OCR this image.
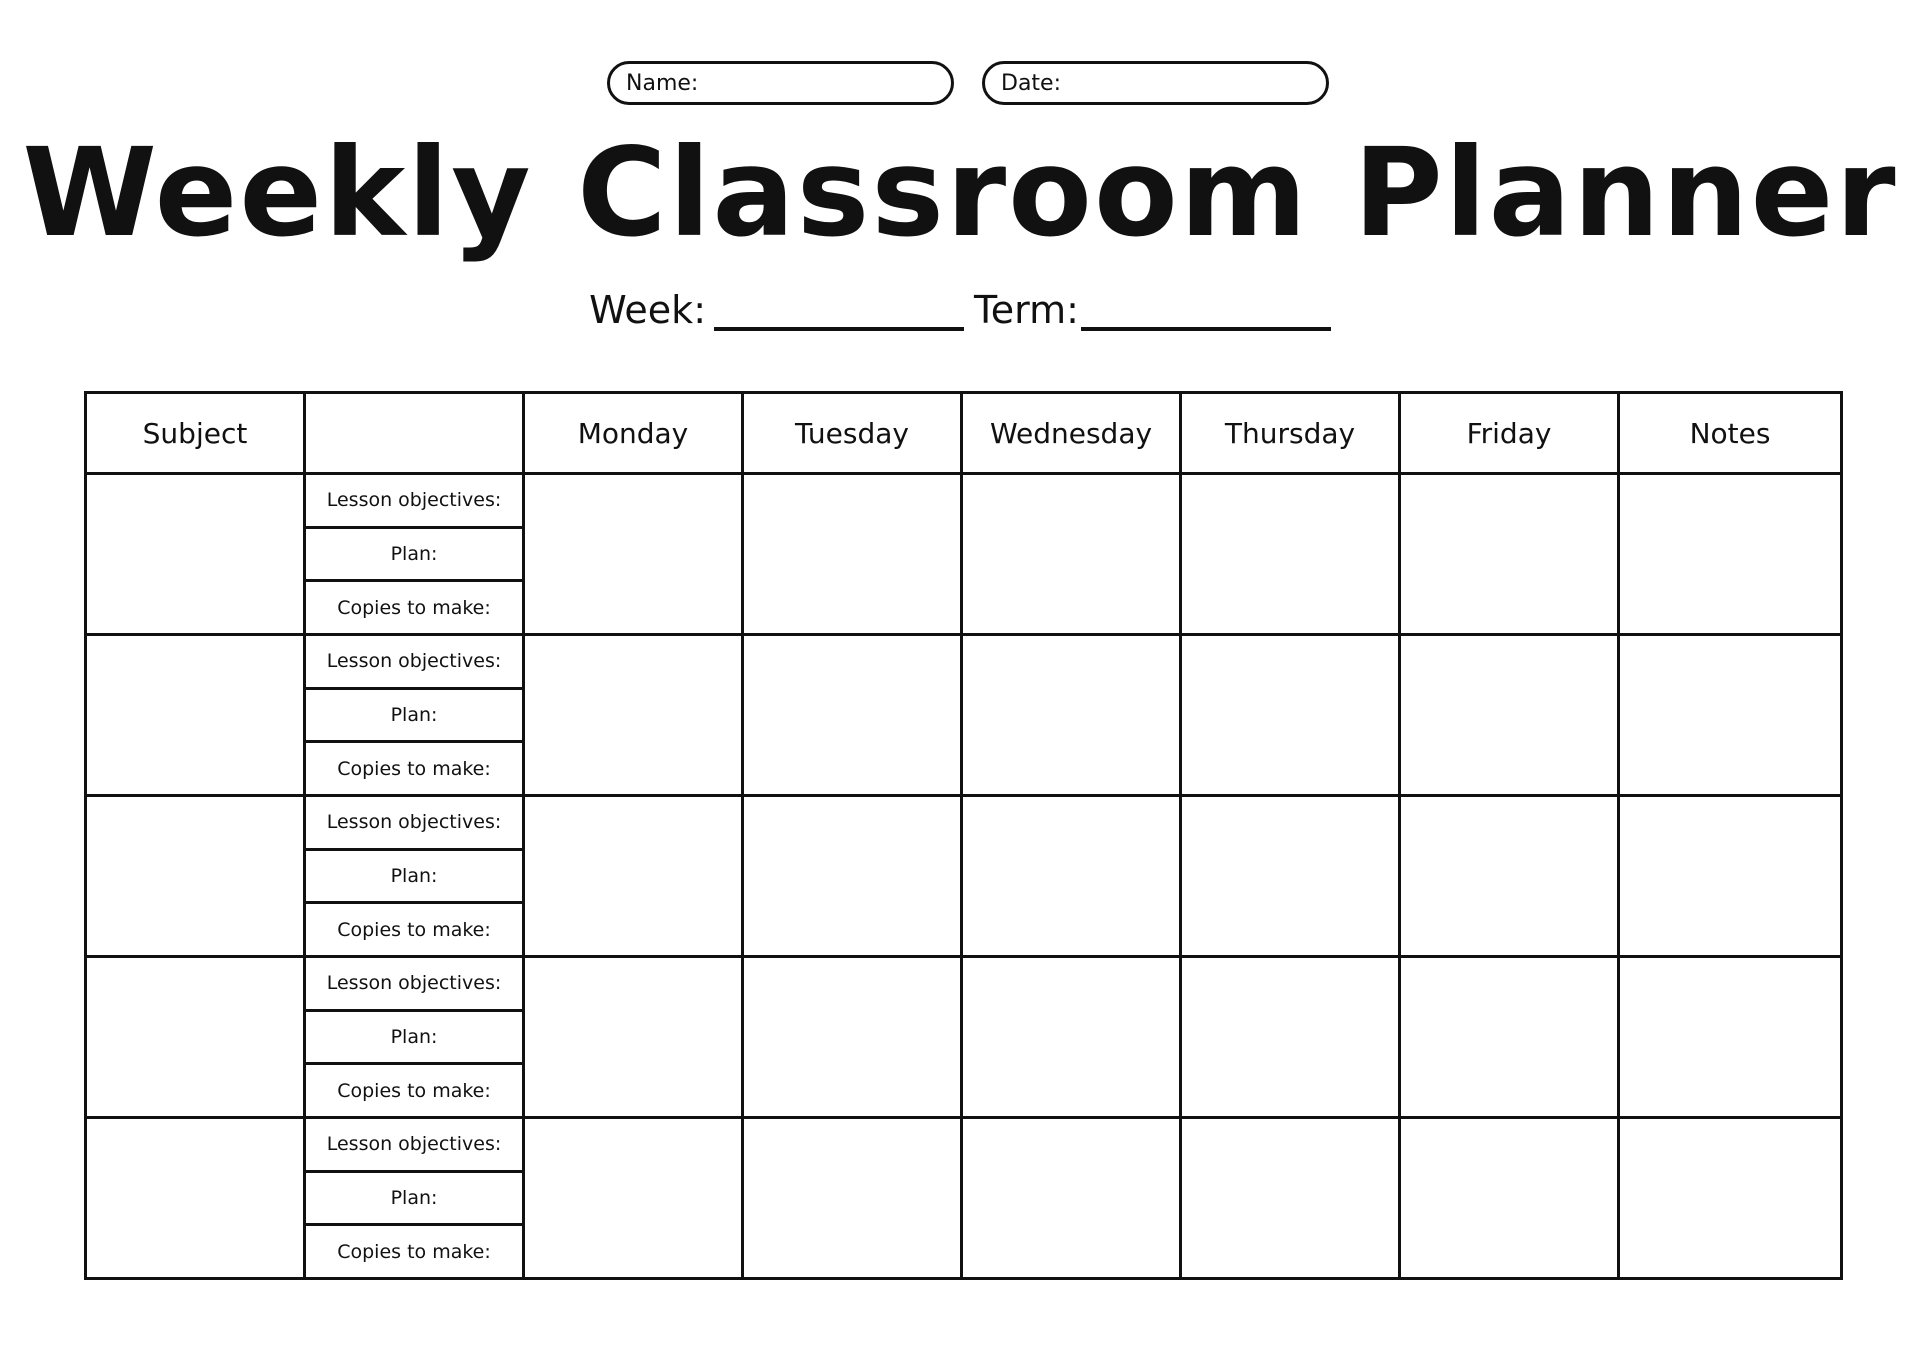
Name:	Date:
Weekly Classroom Planner
Week:	Term:
Subject		Monday	Tuesday	Wednesday	Thursday	Friday	Notes

Lesson objectives:
Plan:
Copies to make:						

Lesson objectives:
Plan:
Copies to make:						

Lesson objectives:
Plan:
Copies to make:						

Lesson objectives:
Plan:
Copies to make:						

Lesson objectives:
Plan:
Copies to make:						
